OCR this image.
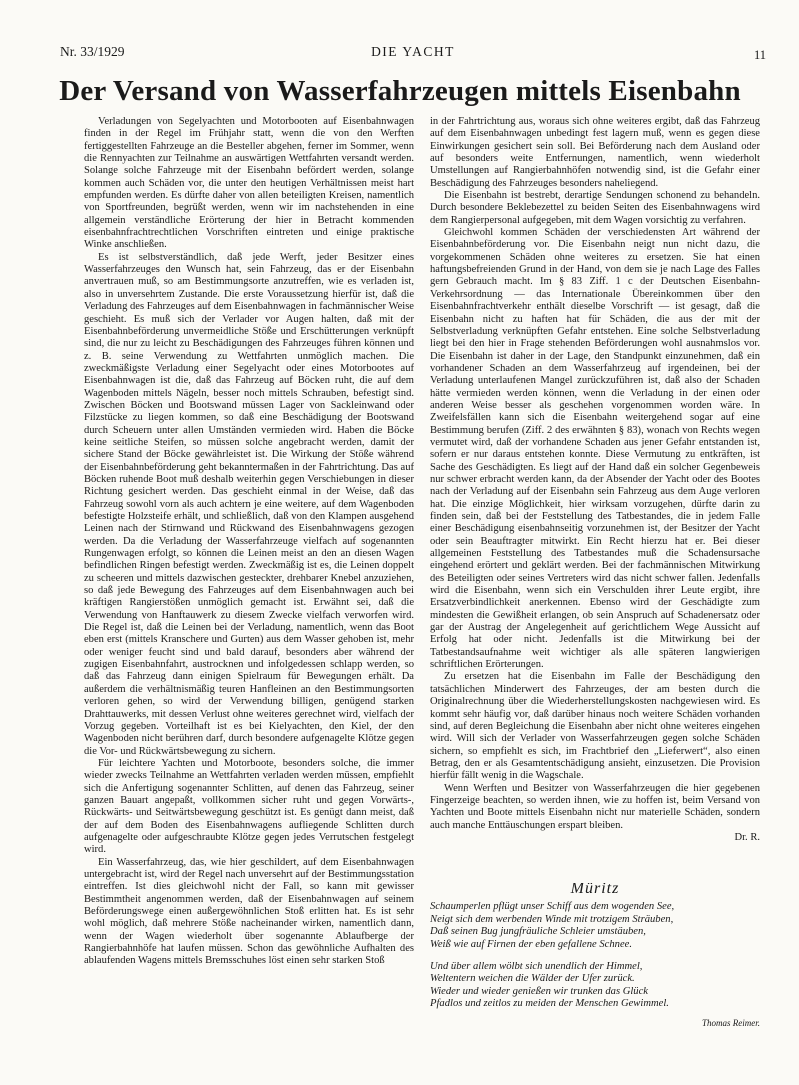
Nr. 33/1929	DIE YACHT	11
Der Versand von Wasserfahrzeugen mittels Eisenbahn

Verladungen von Segelyachten und Motorbooten auf Eisenbahnwagen finden in der Regel im Frühjahr statt, wenn die von den Werften fertiggestellten Fahrzeuge an die Besteller abgehen, ferner im Sommer, wenn die Rennyachten zur Teilnahme an auswärtigen Wettfahrten versandt werden. Solange solche Fahrzeuge mit der Eisenbahn befördert werden, solange kommen auch Schäden vor, die unter den heutigen Verhältnissen meist hart empfunden werden. Es dürfte daher von allen beteiligten Kreisen, namentlich von Sportfreunden, begrüßt werden, wenn wir im nachstehenden in eine allgemein verständliche Erörterung der hier in Betracht kommenden eisenbahnfrachtrechtlichen Vorschriften eintreten und einige praktische Winke anschließen.

Es ist selbstverständlich, daß jede Werft, jeder Besitzer eines Wasserfahrzeuges den Wunsch hat, sein Fahrzeug, das er der Eisenbahn anvertrauen muß, so am Bestimmungsorte anzutreffen, wie es verladen ist, also in unversehrtem Zustande. Die erste Voraussetzung hierfür ist, daß die Verladung des Fahrzeuges auf dem Eisenbahnwagen in fachmännischer Weise geschieht. Es muß sich der Verlader vor Augen halten, daß mit der Eisenbahnbeförderung unvermeidliche Stöße und Erschütterungen verknüpft sind, die nur zu leicht zu Beschädigungen des Fahrzeuges führen können und z. B. seine Verwendung zu Wettfahrten unmöglich machen. Die zweckmäßigste Verladung einer Segelyacht oder eines Motorbootes auf Eisenbahnwagen ist die, daß das Fahrzeug auf Böcken ruht, die auf dem Wagenboden mittels Nägeln, besser noch mittels Schrauben, befestigt sind. Zwischen Böcken und Bootswand müssen Lager von Sackleinwand oder Filzstücke zu liegen kommen, so daß eine Beschädigung der Bootswand durch Scheuern unter allen Umständen vermieden wird. Haben die Böcke keine seitliche Steifen, so müssen solche angebracht werden, damit der sichere Stand der Böcke gewährleistet ist. Die Wirkung der Stöße während der Eisenbahnbeförderung geht bekanntermaßen in der Fahrtrichtung. Das auf Böcken ruhende Boot muß deshalb weiterhin gegen Verschiebungen in dieser Richtung gesichert werden. Das geschieht einmal in der Weise, daß das Fahrzeug sowohl vorn als auch achtern je eine weitere, auf dem Wagenboden befestigte Holzsteife erhält, und schließlich, daß von den Klampen ausgehend Leinen nach der Stirnwand und Rückwand des Eisenbahnwagens gezogen werden. Da die Verladung der Wasserfahrzeuge vielfach auf sogenannten Rungenwagen erfolgt, so können die Leinen meist an den an diesen Wagen befindlichen Ringen befestigt werden. Zweckmäßig ist es, die Leinen doppelt zu scheeren und mittels dazwischen gesteckter, drehbarer Knebel anzuziehen, so daß jede Bewegung des Fahrzeuges auf dem Eisenbahnwagen auch bei kräftigen Rangierstößen unmöglich gemacht ist. Erwähnt sei, daß die Verwendung von Hanftauwerk zu diesem Zwecke vielfach verworfen wird. Die Regel ist, daß die Leinen bei der Verladung, namentlich, wenn das Boot eben erst (mittels Kranschere und Gurten) aus dem Wasser gehoben ist, mehr oder weniger feucht sind und bald darauf, besonders aber während der zugigen Eisenbahnfahrt, austrocknen und infolgedessen schlapp werden, so daß das Fahrzeug dann einigen Spielraum für Bewegungen erhält. Da außerdem die verhältnismäßig teuren Hanfleinen an den Bestimmungsorten verloren gehen, so wird der Verwendung billigen, genügend starken Drahttauwerks, mit dessen Verlust ohne weiteres gerechnet wird, vielfach der Vorzug gegeben. Vorteilhaft ist es bei Kielyachten, den Kiel, der den Wagenboden nicht berühren darf, durch besondere aufgenagelte Klötze gegen die Vor- und Rückwärtsbewegung zu sichern.

Für leichtere Yachten und Motorboote, besonders solche, die immer wieder zwecks Teilnahme an Wettfahrten verladen werden müssen, empfiehlt sich die Anfertigung sogenannter Schlitten, auf denen das Fahrzeug, seiner ganzen Bauart angepaßt, vollkommen sicher ruht und gegen Vorwärts-, Rückwärts- und Seitwärtsbewegung geschützt ist. Es genügt dann meist, daß der auf dem Boden des Eisenbahnwagens aufliegende Schlitten durch aufgenagelte oder aufgeschraubte Klötze gegen jedes Verrutschen festgelegt wird.

Ein Wasserfahrzeug, das, wie hier geschildert, auf dem Eisenbahnwagen untergebracht ist, wird der Regel nach unversehrt auf der Bestimmungsstation eintreffen. Ist dies gleichwohl nicht der Fall, so kann mit gewisser Bestimmtheit angenommen werden, daß der Eisenbahnwagen auf seinem Beförderungswege einen außergewöhnlichen Stoß erlitten hat. Es ist sehr wohl möglich, daß mehrere Stöße nacheinander wirken, namentlich dann, wenn der Wagen wiederholt über sogenannte Ablaufberge der Rangierbahnhöfe hat laufen müssen. Schon das gewöhnliche Aufhalten des ablaufenden Wagens mittels Bremsschuhes löst einen sehr starken Stoß

in der Fahrtrichtung aus, woraus sich ohne weiteres ergibt, daß das Fahrzeug auf dem Eisenbahnwagen unbedingt fest lagern muß, wenn es gegen diese Einwirkungen gesichert sein soll. Bei Beförderung nach dem Ausland oder auf besonders weite Entfernungen, namentlich, wenn wiederholt Umstellungen auf Rangierbahnhöfen notwendig sind, ist die Gefahr einer Beschädigung des Fahrzeuges besonders naheliegend.

Die Eisenbahn ist bestrebt, derartige Sendungen schonend zu behandeln. Durch besondere Beklebezettel zu beiden Seiten des Eisenbahnwagens wird dem Rangierpersonal aufgegeben, mit dem Wagen vorsichtig zu verfahren.

Gleichwohl kommen Schäden der verschiedensten Art während der Eisenbahnbeförderung vor. Die Eisenbahn neigt nun nicht dazu, die vorgekommenen Schäden ohne weiteres zu ersetzen. Sie hat einen haftungsbefreienden Grund in der Hand, von dem sie je nach Lage des Falles gern Gebrauch macht. Im § 83 Ziff. 1 c der Deutschen Eisenbahn-Verkehrsordnung — das Internationale Übereinkommen über den Eisenbahnfrachtverkehr enthält dieselbe Vorschrift — ist gesagt, daß die Eisenbahn nicht zu haften hat für Schäden, die aus der mit der Selbstverladung verknüpften Gefahr entstehen. Eine solche Selbstverladung liegt bei den hier in Frage stehenden Beförderungen wohl ausnahmslos vor. Die Eisenbahn ist daher in der Lage, den Standpunkt einzunehmen, daß ein vorhandener Schaden an dem Wasserfahrzeug auf irgendeinen, bei der Verladung unterlaufenen Mangel zurückzuführen ist, daß also der Schaden hätte vermieden werden können, wenn die Verladung in der einen oder anderen Weise besser als geschehen vorgenommen worden wäre. In Zweifelsfällen kann sich die Eisenbahn weitergehend sogar auf eine Bestimmung berufen (Ziff. 2 des erwähnten § 83), wonach von Rechts wegen vermutet wird, daß der vorhandene Schaden aus jener Gefahr entstanden ist, sofern er nur daraus entstehen konnte. Diese Vermutung zu entkräften, ist Sache des Geschädigten. Es liegt auf der Hand daß ein solcher Gegenbeweis nur schwer erbracht werden kann, da der Absender der Yacht oder des Bootes nach der Verladung auf der Eisenbahn sein Fahrzeug aus dem Auge verloren hat. Die einzige Möglichkeit, hier wirksam vorzugehen, dürfte darin zu finden sein, daß bei der Feststellung des Tatbestandes, die in jedem Falle einer Beschädigung eisenbahnseitig vorzunehmen ist, der Besitzer der Yacht oder sein Beauftragter mitwirkt. Ein Recht hierzu hat er. Bei dieser allgemeinen Feststellung des Tatbestandes muß die Schadensursache eingehend erörtert und geklärt werden. Bei der fachmännischen Mitwirkung des Beteiligten oder seines Vertreters wird das nicht schwer fallen. Jedenfalls wird die Eisenbahn, wenn sich ein Verschulden ihrer Leute ergibt, ihre Ersatzverbindlichkeit anerkennen. Ebenso wird der Geschädigte zum mindesten die Gewißheit erlangen, ob sein Anspruch auf Schadenersatz oder gar der Austrag der Angelegenheit auf gerichtlichem Wege Aussicht auf Erfolg hat oder nicht. Jedenfalls ist die Mitwirkung bei der Tatbestandsaufnahme weit wichtiger als alle späteren langwierigen schriftlichen Erörterungen.

Zu ersetzen hat die Eisenbahn im Falle der Beschädigung den tatsächlichen Minderwert des Fahrzeuges, der am besten durch die Originalrechnung über die Wiederherstellungskosten nachgewiesen wird. Es kommt sehr häufig vor, daß darüber hinaus noch weitere Schäden vorhanden sind, auf deren Begleichung die Eisenbahn aber nicht ohne weiteres eingehen wird. Will sich der Verlader von Wasserfahrzeugen gegen solche Schäden sichern, so empfiehlt es sich, im Frachtbrief den „Lieferwert“, also einen Betrag, den er als Gesamtentschädigung ansieht, einzusetzen. Die Provision hierfür fällt wenig in die Wagschale.

Wenn Werften und Besitzer von Wasserfahrzeugen die hier gegebenen Fingerzeige beachten, so werden ihnen, wie zu hoffen ist, beim Versand von Yachten und Boote mittels Eisenbahn nicht nur materielle Schäden, sondern auch manche Enttäuschungen erspart bleiben.

Dr. R.
Müritz
Schaumperlen pflügt unser Schiff aus dem wogenden See,
Neigt sich dem werbenden Winde mit trotzigem Sträuben,
Daß seinen Bug jungfräuliche Schleier umstäuben,
Weiß wie auf Firnen der eben gefallene Schnee.
Und über allem wölbt sich unendlich der Himmel,
Weltentern weichen die Wälder der Ufer zurück.
Wieder und wieder genießen wir trunken das Glück
Pfadlos und zeitlos zu meiden der Menschen Gewimmel.
Thomas Reimer.
